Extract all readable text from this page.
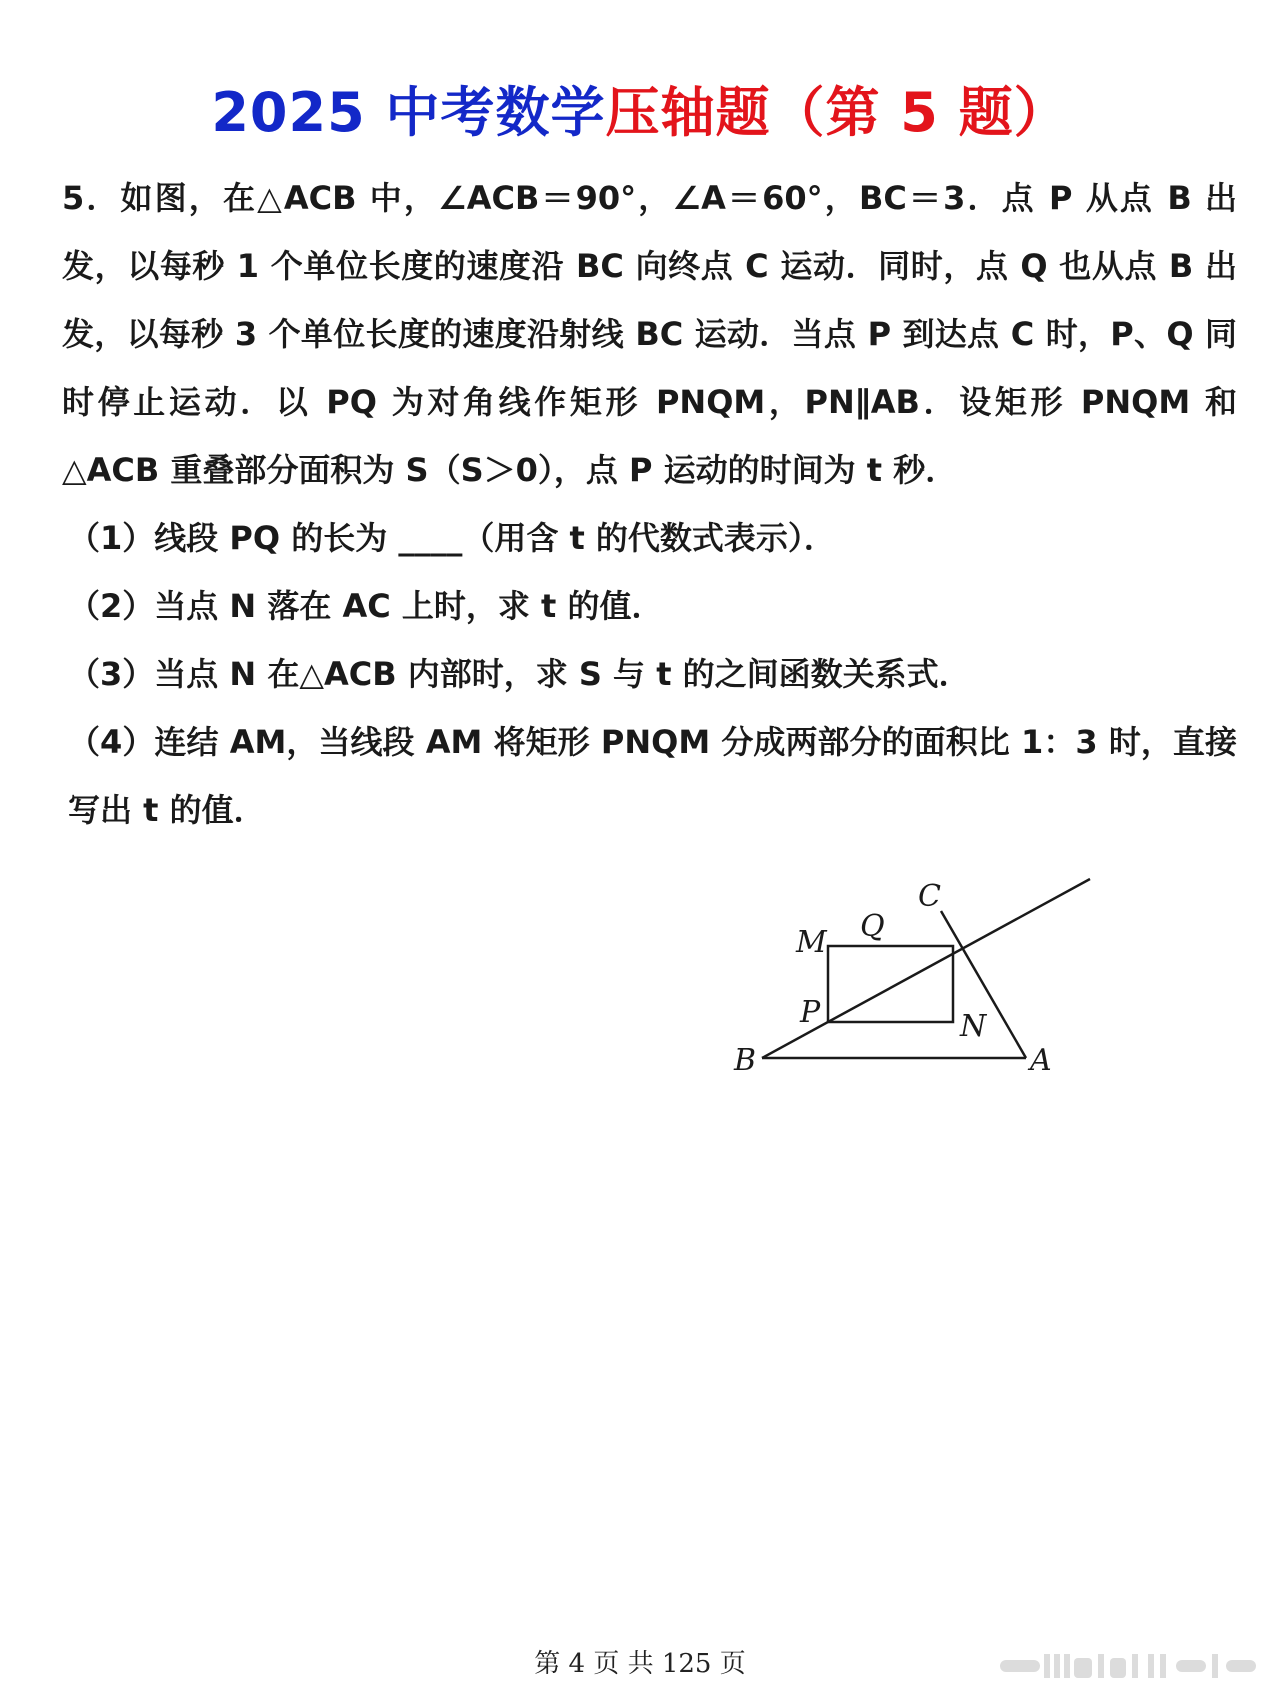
2025 中考数学压轴题（第 5 题）

5．如图，在△ACB 中，∠ACB＝90°，∠A＝60°，BC＝3．点 P 从点 B 出发，以每秒 1 个单位长度的速度沿 BC 向终点 C 运动．同时，点 Q 也从点 B 出发，以每秒 3 个单位长度的速度沿射线 BC 运动．当点 P 到达点 C 时，P、Q 同时停止运动．以 PQ 为对角线作矩形 PNQM，PN∥AB．设矩形 PNQM 和△ACB 重叠部分面积为 S（S＞0），点 P 运动的时间为 t 秒．

（1）线段 PQ 的长为 ____（用含 t 的代数式表示）．

（2）当点 N 落在 AC 上时，求 t 的值．

（3）当点 N 在△ACB 内部时，求 S 与 t 的之间函数关系式．

（4）连结 AM，当线段 AM 将矩形 PNQM 分成两部分的面积比 1：3 时，直接写出 t 的值．

C
M Q
P	N
B	A
第 4 页 共 125 页
